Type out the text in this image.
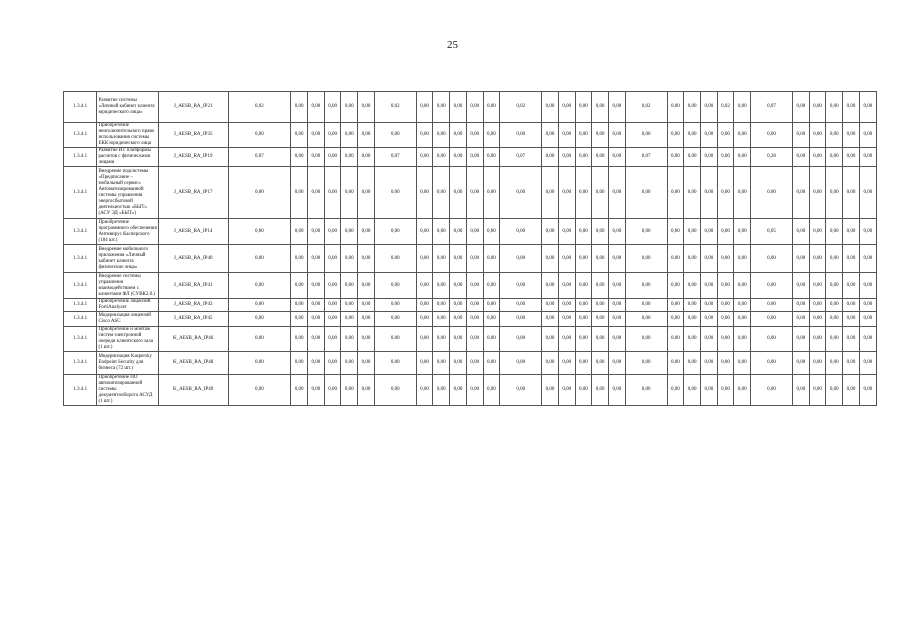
25
1.3.4.1	Развитие системы «Личный кабинет клиента юридического лица»	J_AESB_RA_IP21	0,02	0,00	0,00	0,00	0,00	0,00	0,02	0,00	0,00	0,00	0,00	0,00	0,02	0,00	0,00	0,00	0,00	0,00	0,02	0,00	0,00	0,00	0,02	0,00	0,07	0,00	0,00	0,00	0,00	0,00
1.3.4.1	Приобретение неисключительного право использования системы ЕКК юридического лица	J_AESB_RA_IP35	0,00	0,00	0,00	0,00	0,00	0,00	0,00	0,00	0,00	0,00	0,00	0,00	0,00	0,00	0,00	0,00	0,00	0,00	0,00	0,00	0,00	0,00	0,00	0,00	0,00	0,00	0,00	0,00	0,00	0,00
1.3.4.1	Развитие ИТ платформы расчетов с физическими лицами	J_AESB_RA_IP19	0,07	0,00	0,00	0,00	0,00	0,00	0,07	0,00	0,00	0,00	0,00	0,00	0,07	0,00	0,00	0,00	0,00	0,00	0,07	0,00	0,00	0,00	0,00	0,00	0,28	0,00	0,00	0,00	0,00	0,00
1.3.4.1	Внедрение подсистемы «Предписание – мобильный сервис» Автоматизированной системы управления энергосбытовой деятельностью «БЫТ» (АСУ ЭД «БЫТ»)	J_AESB_RA_IP17	0,00	0,00	0,00	0,00	0,00	0,00	0,00	0,00	0,00	0,00	0,00	0,00	0,00	0,00	0,00	0,00	0,00	0,00	0,00	0,00	0,00	0,00	0,00	0,00	0,00	0,00	0,00	0,00	0,00	0,00
1.3.4.1	Приобретение программного обеспечения Антивирус Касперского (184 шт.)	J_AESB_RA_IP14	0,00	0,00	0,00	0,00	0,00	0,00	0,00	0,00	0,00	0,00	0,00	0,00	0,00	0,00	0,00	0,00	0,00	0,00	0,00	0,00	0,00	0,00	0,00	0,00	0,05	0,00	0,00	0,00	0,00	0,00
1.3.4.1	Внедрение мобильного приложения «Личный кабинет клиента физические лица»	J_AESB_RA_IP40	0,00	0,00	0,00	0,00	0,00	0,00	0,00	0,00	0,00	0,00	0,00	0,00	0,00	0,00	0,00	0,00	0,00	0,00	0,00	0,00	0,00	0,00	0,00	0,00	0,00	0,00	0,00	0,00	0,00	0,00
1.3.4.1	Внедрение системы управления взаимодействием с клиентами ФЛ (СУВК2.0.)	J_AESB_RA_IP41	0,00	0,00	0,00	0,00	0,00	0,00	0,00	0,00	0,00	0,00	0,00	0,00	0,00	0,00	0,00	0,00	0,00	0,00	0,00	0,00	0,00	0,00	0,00	0,00	0,00	0,00	0,00	0,00	0,00	0,00
1.3.4.1	Приобретение лицензий FortiAnalyzer	J_AESB_RA_IP43	0,00	0,00	0,00	0,00	0,00	0,00	0,00	0,00	0,00	0,00	0,00	0,00	0,00	0,00	0,00	0,00	0,00	0,00	0,00	0,00	0,00	0,00	0,00	0,00	0,00	0,00	0,00	0,00	0,00	0,00
1.3.4.1	Модернизация лицензий Cisco ASC	J_AESB_RA_IP45	0,00	0,00	0,00	0,00	0,00	0,00	0,00	0,00	0,00	0,00	0,00	0,00	0,00	0,00	0,00	0,00	0,00	0,00	0,00	0,00	0,00	0,00	0,00	0,00	0,00	0,00	0,00	0,00	0,00	0,00
1.3.4.1	Приобретение и монтаж систем электронной очереди клиентского зала (1 шт.)	K_AESB_RA_IP46	0,00	0,00	0,00	0,00	0,00	0,00	0,00	0,00	0,00	0,00	0,00	0,00	0,00	0,00	0,00	0,00	0,00	0,00	0,00	0,00	0,00	0,00	0,00	0,00	0,00	0,00	0,00	0,00	0,00	0,00
1.3.4.1	Модернизация Kaspersky Endpoint Security для бизнеса (72 шт.)	K_AESB_RA_IP48	0,00	0,00	0,00	0,00	0,00	0,00	0,00	0,00	0,00	0,00	0,00	0,00	0,00	0,00	0,00	0,00	0,00	0,00	0,00	0,00	0,00	0,00	0,00	0,00	0,00	0,00	0,00	0,00	0,00	0,00
1.3.4.1	Приобретение ПО автоматизированной системы документооборота АСУД (1 шт.)	K_AESB_RA_IP49	0,00	0,00	0,00	0,00	0,00	0,00	0,00	0,00	0,00	0,00	0,00	0,00	0,00	0,00	0,00	0,00	0,00	0,00	0,00	0,00	0,00	0,00	0,00	0,00	0,00	0,00	0,00	0,00	0,00	0,00
